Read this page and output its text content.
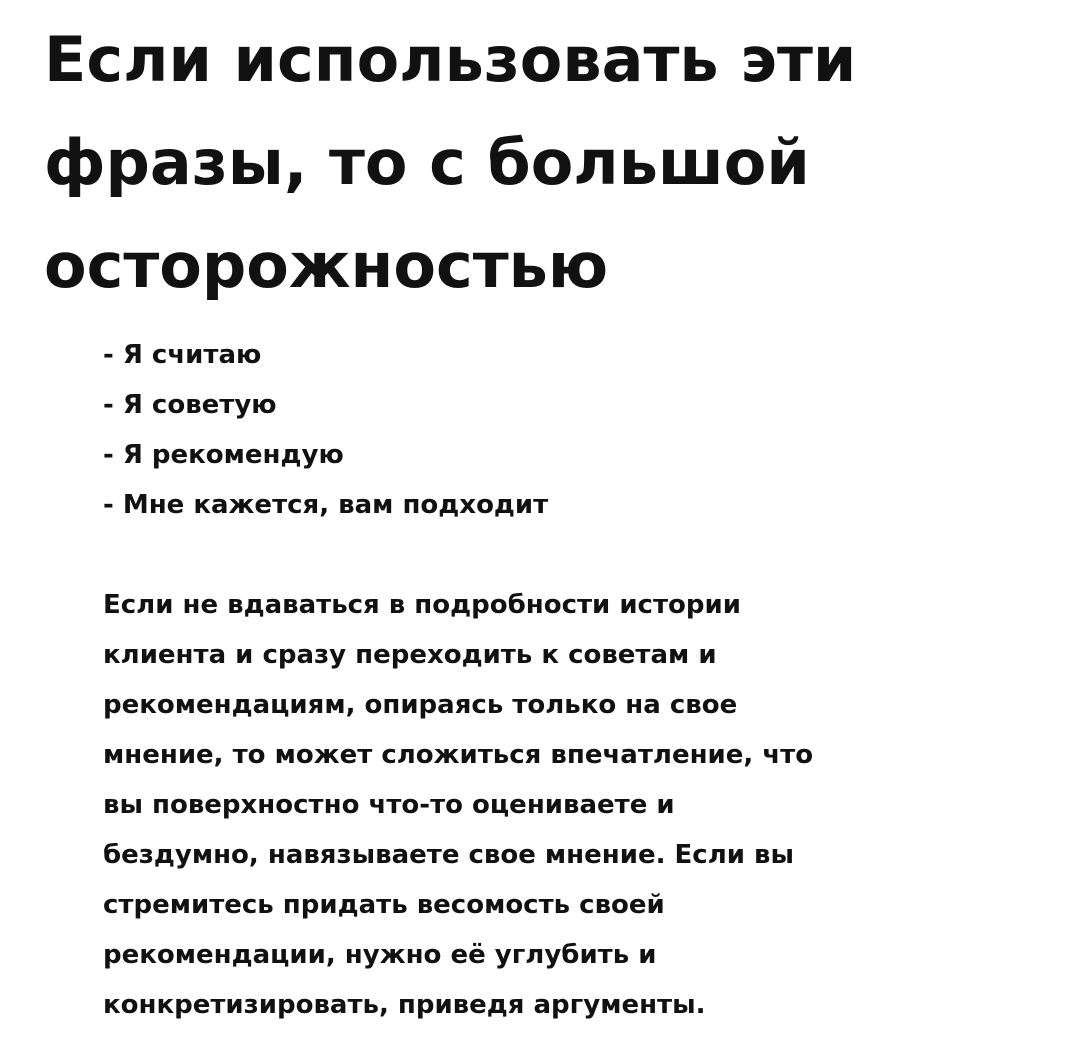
Если использовать эти
фразы, то с большой
осторожностью
- Я считаю
- Я советую
- Я рекомендую
- Мне кажется, вам подходит

Если не вдаваться в подробности истории
клиента и сразу переходить к советам и
рекомендациям, опираясь только на свое
мнение, то может сложиться впечатление, что
вы поверхностно что-то оцениваете и
бездумно, навязываете свое мнение. Если вы
стремитесь придать весомость своей
рекомендации, нужно её углубить и
конкретизировать, приведя аргументы.
